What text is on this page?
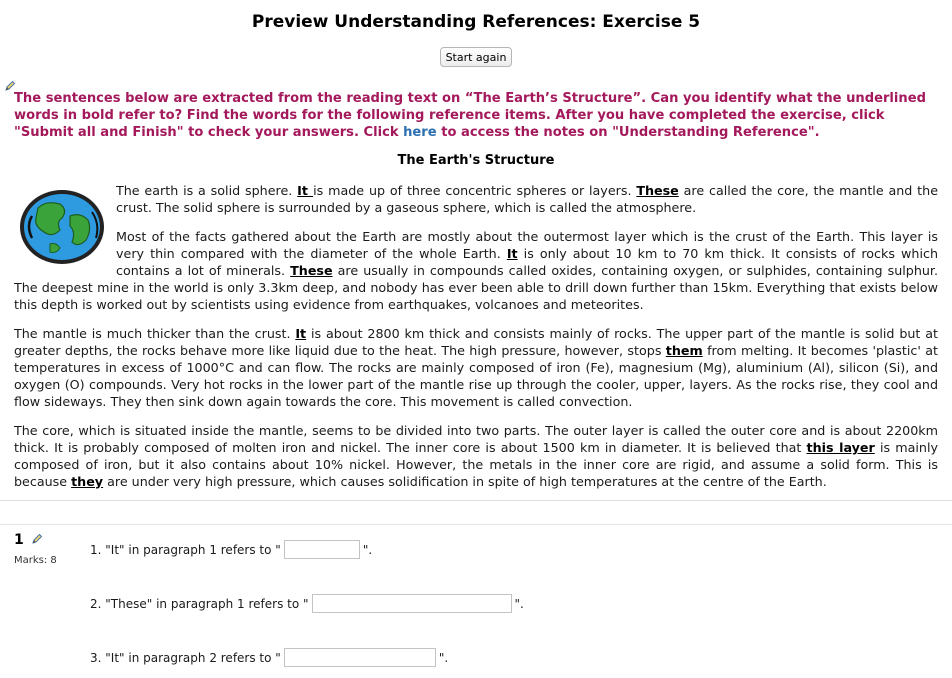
Preview Understanding References: Exercise 5
Start again

The sentences below are extracted from the reading text on “The Earth’s Structure”. Can you identify what the underlined words in bold refer to? Find the words for the following reference items. After you have completed the exercise, click "Submit all and Finish" to check your answers. Click here to access the notes on "Understanding Reference".

The Earth's Structure

The earth is a solid sphere. It is made up of three concentric spheres or layers. These are called the core, the mantle and the crust. The solid sphere is surrounded by a gaseous sphere, which is called the atmosphere.

Most of the facts gathered about the Earth are mostly about the outermost layer which is the crust of the Earth. This layer is very thin compared with the diameter of the whole Earth. It is only about 10 km to 70 km thick. It consists of rocks which contains a lot of minerals. These are usually in compounds called oxides, containing oxygen, or sulphides, containing sulphur. The deepest mine in the world is only 3.3km deep, and nobody has ever been able to drill down further than 15km. Everything that exists below this depth is worked out by scientists using evidence from earthquakes, volcanoes and meteorites.

The mantle is much thicker than the crust. It is about 2800 km thick and consists mainly of rocks. The upper part of the mantle is solid but at greater depths, the rocks behave more like liquid due to the heat. The high pressure, however, stops them from melting. It becomes 'plastic' at temperatures in excess of 1000°C and can flow. The rocks are mainly composed of iron (Fe), magnesium (Mg), aluminium (Al), silicon (Si), and oxygen (O) compounds. Very hot rocks in the lower part of the mantle rise up through the cooler, upper, layers. As the rocks rise, they cool and flow sideways. They then sink down again towards the core. This movement is called convection.

The core, which is situated inside the mantle, seems to be divided into two parts. The outer layer is called the outer core and is about 2200km thick. It is probably composed of molten iron and nickel. The inner core is about 1500 km in diameter. It is believed that this layer is mainly composed of iron, but it also contains about 10% nickel. However, the metals in the inner core are rigid, and assume a solid form. This is because they are under very high pressure, which causes solidification in spite of high temperatures at the centre of the Earth.

1
Marks: 8
1. "It" in paragraph 1 refers to "	".
2. "These" in paragraph 1 refers to "	".
3. "It" in paragraph 2 refers to "	".
